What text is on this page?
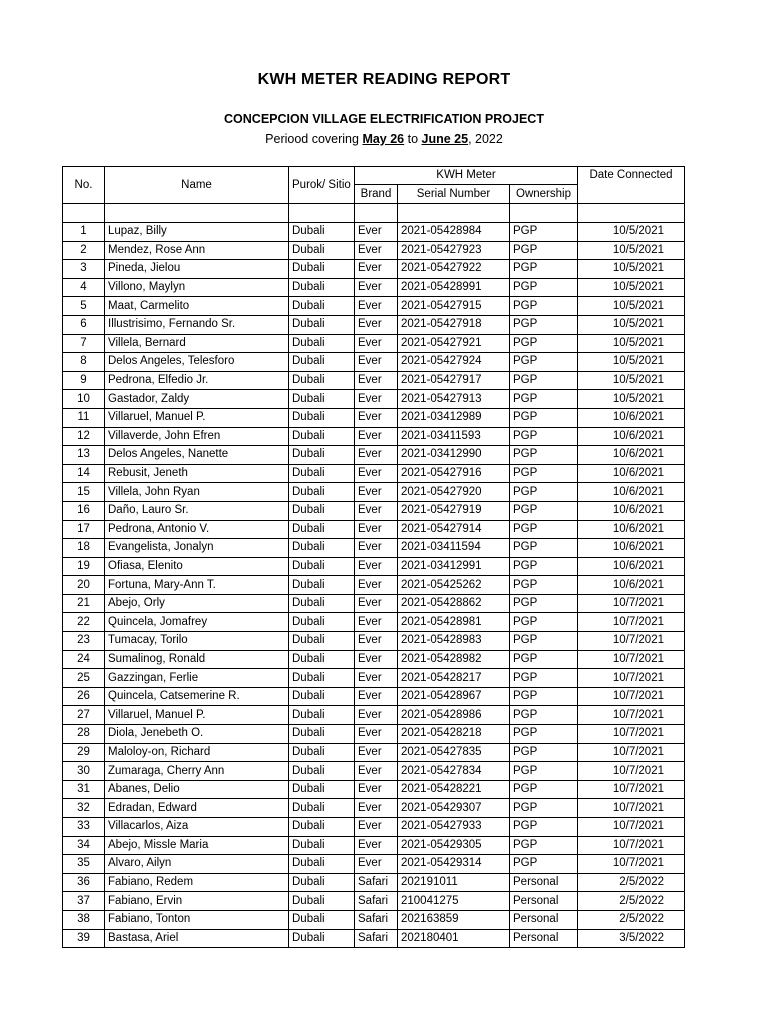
KWH METER READING REPORT
CONCEPCION VILLAGE ELECTRIFICATION PROJECT
Periood covering May 26 to June 25, 2022
No.	Name	Purok/ Sitio	KWH Meter			Date Connected
			Brand	Serial Number	Ownership	

1	Lupaz, Billy	Dubali	Ever	2021-05428984	PGP	10/5/2021
2	Mendez, Rose Ann	Dubali	Ever	2021-05427923	PGP	10/5/2021
3	Pineda, Jielou	Dubali	Ever	2021-05427922	PGP	10/5/2021
4	Villono, Maylyn	Dubali	Ever	2021-05428991	PGP	10/5/2021
5	Maat, Carmelito	Dubali	Ever	2021-05427915	PGP	10/5/2021
6	Illustrisimo, Fernando Sr.	Dubali	Ever	2021-05427918	PGP	10/5/2021
7	Villela, Bernard	Dubali	Ever	2021-05427921	PGP	10/5/2021
8	Delos Angeles, Telesforo	Dubali	Ever	2021-05427924	PGP	10/5/2021
9	Pedrona, Elfedio Jr.	Dubali	Ever	2021-05427917	PGP	10/5/2021
10	Gastador, Zaldy	Dubali	Ever	2021-05427913	PGP	10/5/2021
11	Villaruel, Manuel P.	Dubali	Ever	2021-03412989	PGP	10/6/2021
12	Villaverde, John Efren	Dubali	Ever	2021-03411593	PGP	10/6/2021
13	Delos Angeles, Nanette	Dubali	Ever	2021-03412990	PGP	10/6/2021
14	Rebusit, Jeneth	Dubali	Ever	2021-05427916	PGP	10/6/2021
15	Villela, John Ryan	Dubali	Ever	2021-05427920	PGP	10/6/2021
16	Daño, Lauro Sr.	Dubali	Ever	2021-05427919	PGP	10/6/2021
17	Pedrona, Antonio V.	Dubali	Ever	2021-05427914	PGP	10/6/2021
18	Evangelista, Jonalyn	Dubali	Ever	2021-03411594	PGP	10/6/2021
19	Ofiasa, Elenito	Dubali	Ever	2021-03412991	PGP	10/6/2021
20	Fortuna, Mary-Ann T.	Dubali	Ever	2021-05425262	PGP	10/6/2021
21	Abejo, Orly	Dubali	Ever	2021-05428862	PGP	10/7/2021
22	Quincela, Jomafrey	Dubali	Ever	2021-05428981	PGP	10/7/2021
23	Tumacay, Torilo	Dubali	Ever	2021-05428983	PGP	10/7/2021
24	Sumalinog, Ronald	Dubali	Ever	2021-05428982	PGP	10/7/2021
25	Gazzingan, Ferlie	Dubali	Ever	2021-05428217	PGP	10/7/2021
26	Quincela, Catsemerine R.	Dubali	Ever	2021-05428967	PGP	10/7/2021
27	Villaruel, Manuel P.	Dubali	Ever	2021-05428986	PGP	10/7/2021
28	Diola, Jenebeth O.	Dubali	Ever	2021-05428218	PGP	10/7/2021
29	Maloloy-on, Richard	Dubali	Ever	2021-05427835	PGP	10/7/2021
30	Zumaraga, Cherry Ann	Dubali	Ever	2021-05427834	PGP	10/7/2021
31	Abanes, Delio	Dubali	Ever	2021-05428221	PGP	10/7/2021
32	Edradan, Edward	Dubali	Ever	2021-05429307	PGP	10/7/2021
33	Villacarlos, Aiza	Dubali	Ever	2021-05427933	PGP	10/7/2021
34	Abejo, Missle Maria	Dubali	Ever	2021-05429305	PGP	10/7/2021
35	Alvaro, Ailyn	Dubali	Ever	2021-05429314	PGP	10/7/2021
36	Fabiano, Redem	Dubali	Safari	202191011	Personal	2/5/2022
37	Fabiano, Ervin	Dubali	Safari	210041275	Personal	2/5/2022
38	Fabiano, Tonton	Dubali	Safari	202163859	Personal	2/5/2022
39	Bastasa, Ariel	Dubali	Safari	202180401	Personal	3/5/2022
